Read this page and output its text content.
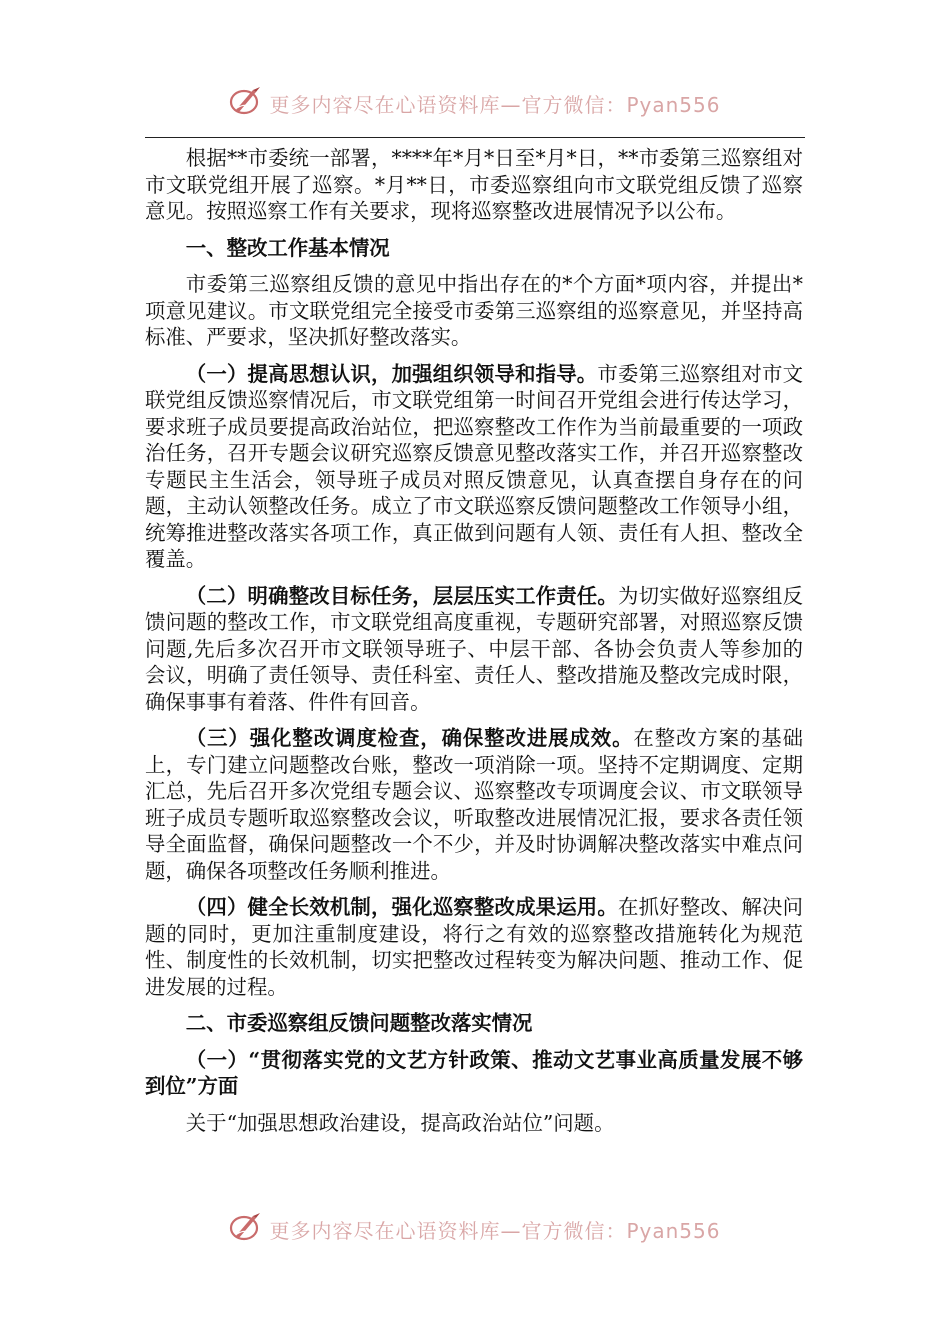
更多内容尽在心语资料库—官方微信：Pyan556

根据**市委统一部署，****年*月*日至*月*日，**市委第三巡察组对市文联党组开展了巡察。*月**日，市委巡察组向市文联党组反馈了巡察意见。按照巡察工作有关要求，现将巡察整改进展情况予以公布。

一、整改工作基本情况

市委第三巡察组反馈的意见中指出存在的*个方面*项内容，并提出*项意见建议。市文联党组完全接受市委第三巡察组的巡察意见，并坚持高标准、严要求，坚决抓好整改落实。

（一）提高思想认识，加强组织领导和指导。市委第三巡察组对市文联党组反馈巡察情况后，市文联党组第一时间召开党组会进行传达学习，要求班子成员要提高政治站位，把巡察整改工作作为当前最重要的一项政治任务，召开专题会议研究巡察反馈意见整改落实工作，并召开巡察整改专题民主生活会，领导班子成员对照反馈意见，认真查摆自身存在的问题，主动认领整改任务。成立了市文联巡察反馈问题整改工作领导小组，统筹推进整改落实各项工作，真正做到问题有人领、责任有人担、整改全覆盖。

（二）明确整改目标任务，层层压实工作责任。为切实做好巡察组反馈问题的整改工作，市文联党组高度重视，专题研究部署，对照巡察反馈问题,先后多次召开市文联领导班子、中层干部、各协会负责人等参加的会议，明确了责任领导、责任科室、责任人、整改措施及整改完成时限，确保事事有着落、件件有回音。

（三）强化整改调度检查，确保整改进展成效。在整改方案的基础上，专门建立问题整改台账，整改一项消除一项。坚持不定期调度、定期汇总，先后召开多次党组专题会议、巡察整改专项调度会议、市文联领导班子成员专题听取巡察整改会议，听取整改进展情况汇报，要求各责任领导全面监督，确保问题整改一个不少，并及时协调解决整改落实中难点问题，确保各项整改任务顺利推进。

（四）健全长效机制，强化巡察整改成果运用。在抓好整改、解决问题的同时，更加注重制度建设，将行之有效的巡察整改措施转化为规范性、制度性的长效机制，切实把整改过程转变为解决问题、推动工作、促进发展的过程。

二、市委巡察组反馈问题整改落实情况

（一）“贯彻落实党的文艺方针政策、推动文艺事业高质量发展不够到位”方面

关于“加强思想政治建设，提高政治站位”问题。

更多内容尽在心语资料库—官方微信：Pyan556
